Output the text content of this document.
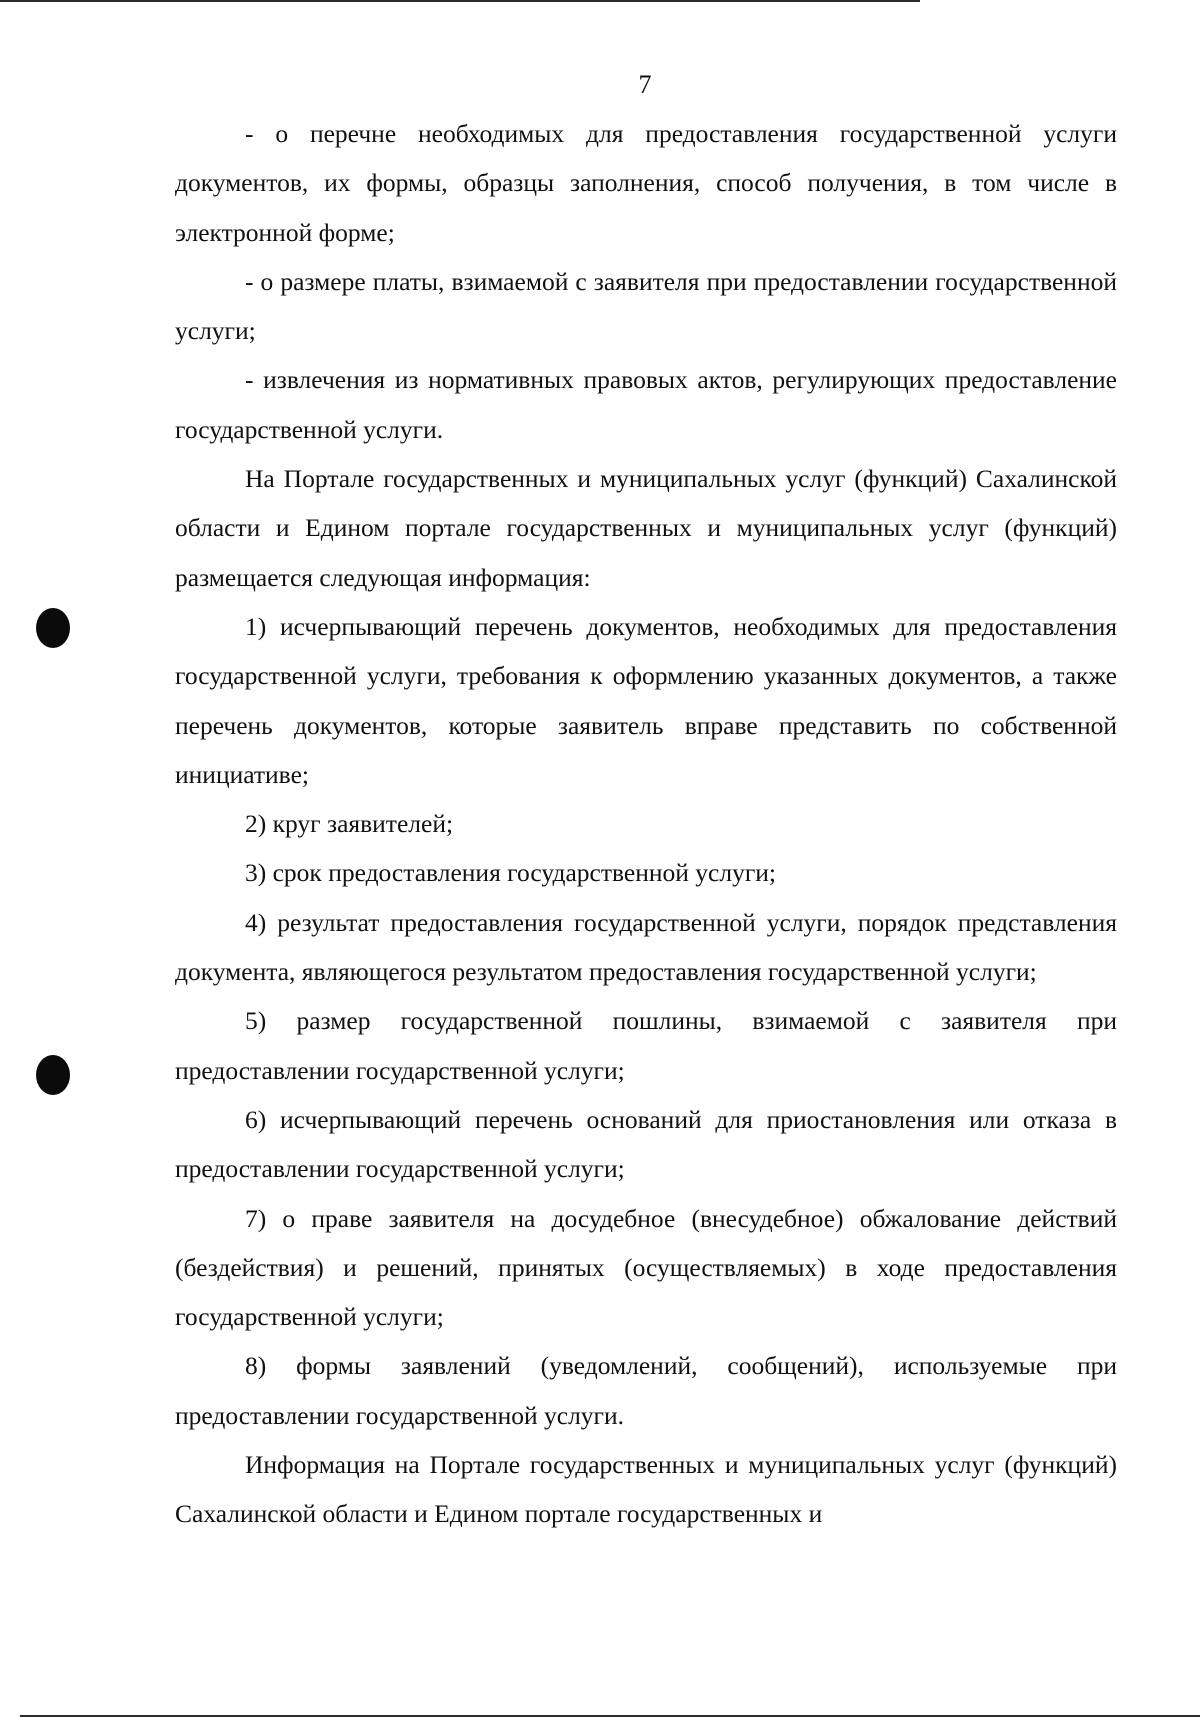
7

- о перечне необходимых для предоставления государственной услуги документов, их формы, образцы заполнения, способ получения, в том числе в электронной форме;

- о размере платы, взимаемой с заявителя при предоставлении государственной услуги;

- извлечения из нормативных правовых актов, регулирующих предоставление государственной услуги.

На Портале государственных и муниципальных услуг (функций) Сахалинской области и Едином портале государственных и муниципальных услуг (функций) размещается следующая информация:

1) исчерпывающий перечень документов, необходимых для предоставления государственной услуги, требования к оформлению указанных документов, а также перечень документов, которые заявитель вправе представить по собственной инициативе;

2) круг заявителей;

3) срок предоставления государственной услуги;

4) результат предоставления государственной услуги, порядок представления документа, являющегося результатом предоставления государственной услуги;

5) размер государственной пошлины, взимаемой с заявителя при предоставлении государственной услуги;

6) исчерпывающий перечень оснований для приостановления или отказа в предоставлении государственной услуги;

7) о праве заявителя на досудебное (внесудебное) обжалование действий (бездействия) и решений, принятых (осуществляемых) в ходе предоставления государственной услуги;

8) формы заявлений (уведомлений, сообщений), используемые при предоставлении государственной услуги.

Информация на Портале государственных и муниципальных услуг (функций) Сахалинской области и Едином портале государственных и
